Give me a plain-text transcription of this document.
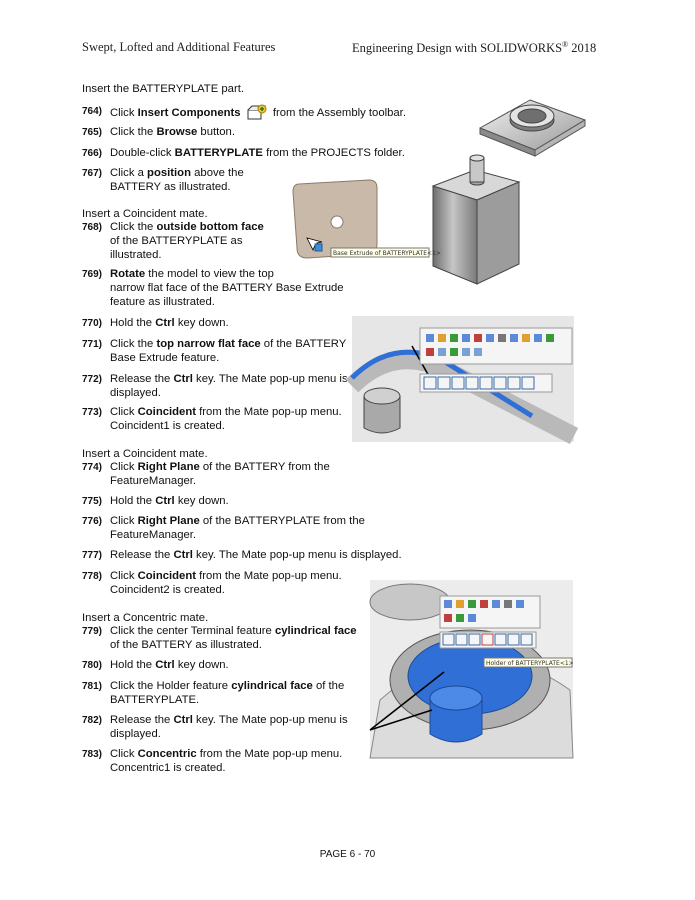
Swept, Lofted and Additional Features	Engineering Design with SOLIDWORKS® 2018
Insert the BATTERYPLATE part.
764) Click Insert Components	from the Assembly toolbar.
765) Click the Browse button.
766) Double-click BATTERYPLATE from the PROJECTS folder.
767) Click a position above the
BATTERY as illustrated.
Insert a Coincident mate.
768) Click the outside bottom face
of the BATTERYPLATE as
illustrated.
769) Rotate the model to view the top
narrow flat face of the BATTERY Base Extrude
feature as illustrated.
770) Hold the Ctrl key down.
771) Click the top narrow flat face of the BATTERY
Base Extrude feature.
772) Release the Ctrl key. The Mate pop-up menu is
displayed.
773) Click Coincident from the Mate pop-up menu.
Coincident1 is created.
Insert a Coincident mate.
774) Click Right Plane of the BATTERY from the
FeatureManager.
775) Hold the Ctrl key down.
776) Click Right Plane of the BATTERYPLATE from the
FeatureManager.
777) Release the Ctrl key. The Mate pop-up menu is displayed.
778) Click Coincident from the Mate pop-up menu.
Coincident2 is created.
Insert a Concentric mate.
779) Click the center Terminal feature cylindrical face
of the BATTERY as illustrated.
780) Hold the Ctrl key down.
781) Click the Holder feature cylindrical face of the
BATTERYPLATE.
782) Release the Ctrl key. The Mate pop-up menu is
displayed.
783) Click Concentric from the Mate pop-up menu.
Concentric1 is created.
Base Extrude of BATTERYPLATE<1>
Holder of BATTERYPLATE<1>
PAGE 6 - 70
